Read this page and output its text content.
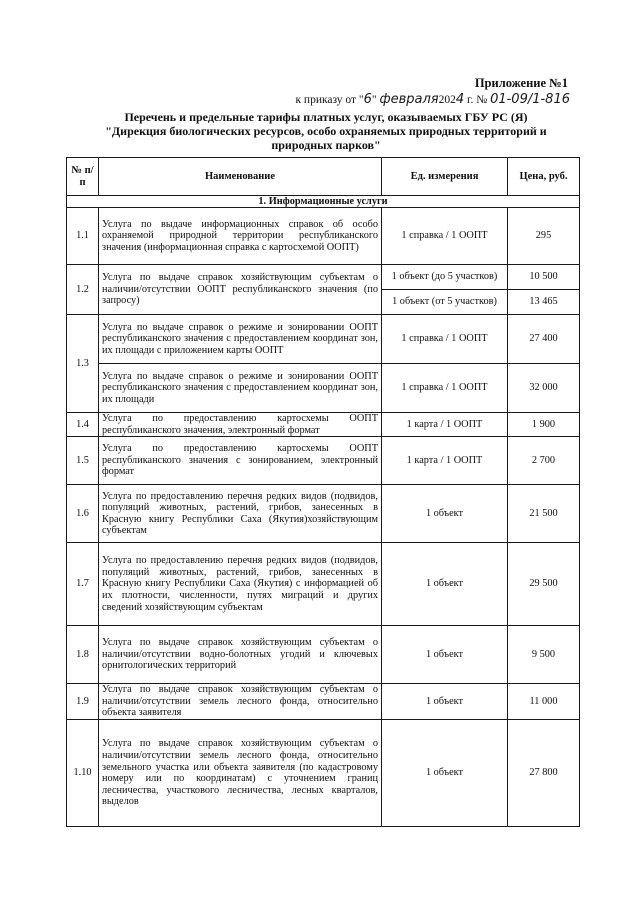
Приложение №1
к приказу от "6" февраля2024 г. № 01-09/1-816
Перечень и предельные тарифы платных услуг, оказываемых ГБУ РС (Я)
"Дирекция биологических ресурсов, особо охраняемых природных территорий и
природных парков"
№ п/п	Наименование	Ед. измерения	Цена, руб.
1. Информационные услуги			
1.1	Услуга по выдаче информационных справок об особо охраняемой природной территории республиканского значения (информационная справка с картосхемой ООПТ)	1 справка / 1 ООПТ	295
1.2	Услуга по выдаче справок хозяйствующим субъектам о наличии/отсутствии ООПТ республиканского значения (по запросу)	1 объект (до 5 участков)	10 500
		1 объект (от 5 участков)	13 465
1.3	Услуга по выдаче справок о режиме и зонировании ООПТ республиканского значения с предоставлением координат зон, их площади с приложением карты ООПТ	1 справка / 1 ООПТ	27 400
	Услуга по выдаче справок о режиме и зонировании ООПТ республиканского значения с предоставлением координат зон, их площади	1 справка / 1 ООПТ	32 000
1.4	Услуга по предоставлению картосхемы ООПТ республиканского значения, электронный формат	1 карта / 1 ООПТ	1 900
1.5	Услуга по предоставлению картосхемы ООПТ республиканского значения с зонированием, электронный формат	1 карта / 1 ООПТ	2 700
1.6	Услуга по предоставлению перечня редких видов (подвидов, популяций животных, растений, грибов, занесенных в Красную книгу Республики Саха (Якутия)хозяйствующим субъектам	1 объект	21 500
1.7	Услуга по предоставлению перечня редких видов (подвидов, популяций животных, растений, грибов, занесенных в Красную книгу Республики Саха (Якутия) с информацией об их плотности, численности, путях миграций и других сведений хозяйствующим субъектам	1 объект	29 500
1.8	Услуга по выдаче справок хозяйствующим субъектам о наличии/отсутствии водно-болотных угодий и ключевых орнитологических территорий	1 объект	9 500
1.9	Услуга по выдаче справок хозяйствующим субъектам о наличии/отсутствии земель лесного фонда, относительно объекта заявителя	1 объект	11 000
1.10	Услуга по выдаче справок хозяйствующим субъектам о наличии/отсутствии земель лесного фонда, относительно земельного участка или объекта заявителя (по кадастровому номеру или по координатам) с уточнением границ лесничества, участкового лесничества, лесных кварталов, выделов	1 объект	27 800
